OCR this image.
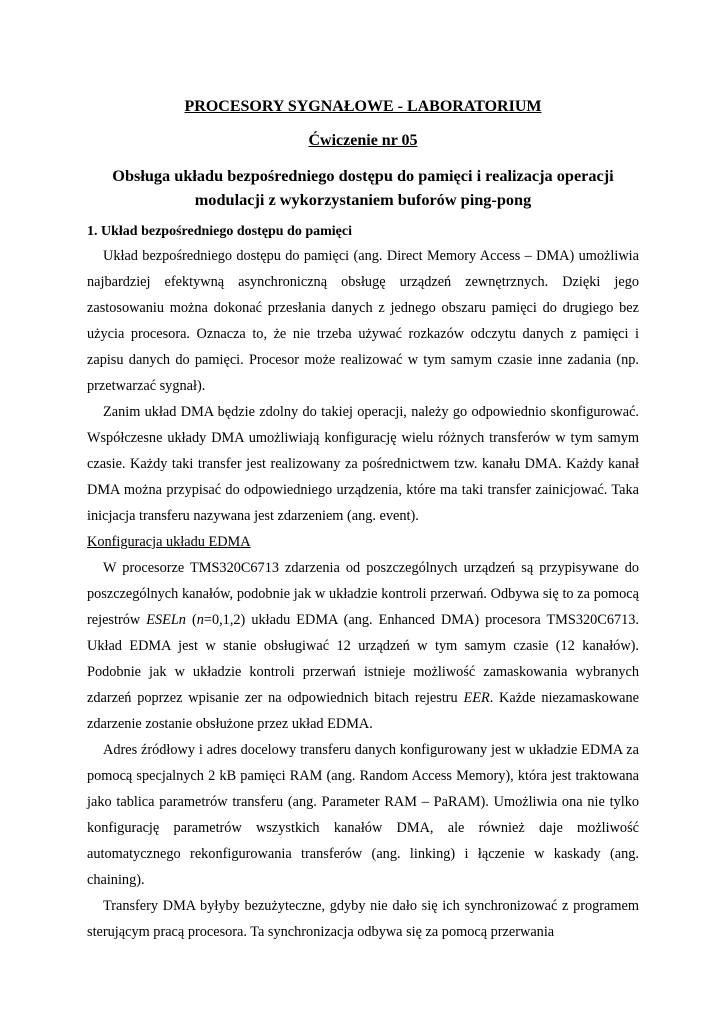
PROCESORY SYGNAŁOWE - LABORATORIUM
Ćwiczenie nr 05
Obsługa układu bezpośredniego dostępu do pamięci i realizacja operacji modulacji z wykorzystaniem buforów ping-pong
1. Układ bezpośredniego dostępu do pamięci

Układ bezpośredniego dostępu do pamięci (ang. Direct Memory Access – DMA) umożliwia najbardziej efektywną asynchroniczną obsługę urządzeń zewnętrznych. Dzięki jego zastosowaniu można dokonać przesłania danych z jednego obszaru pamięci do drugiego bez użycia procesora. Oznacza to, że nie trzeba używać rozkazów odczytu danych z pamięci i zapisu danych do pamięci. Procesor może realizować w tym samym czasie inne zadania (np. przetwarzać sygnał).

Zanim układ DMA będzie zdolny do takiej operacji, należy go odpowiednio skonfigurować. Współczesne układy DMA umożliwiają konfigurację wielu różnych transferów w tym samym czasie. Każdy taki transfer jest realizowany za pośrednictwem tzw. kanału DMA. Każdy kanał DMA można przypisać do odpowiedniego urządzenia, które ma taki transfer zainicjować. Taka inicjacja transferu nazywana jest zdarzeniem (ang. event).

Konfiguracja układu EDMA

W procesorze TMS320C6713 zdarzenia od poszczególnych urządzeń są przypisywane do poszczególnych kanałów, podobnie jak w układzie kontroli przerwań. Odbywa się to za pomocą rejestrów ESELn (n=0,1,2) układu EDMA (ang. Enhanced DMA) procesora TMS320C6713. Układ EDMA jest w stanie obsługiwać 12 urządzeń w tym samym czasie (12 kanałów). Podobnie jak w układzie kontroli przerwań istnieje możliwość zamaskowania wybranych zdarzeń poprzez wpisanie zer na odpowiednich bitach rejestru EER. Każde niezamaskowane zdarzenie zostanie obsłużone przez układ EDMA.

Adres źródłowy i adres docelowy transferu danych konfigurowany jest w układzie EDMA za pomocą specjalnych 2 kB pamięci RAM (ang. Random Access Memory), która jest traktowana jako tablica parametrów transferu (ang. Parameter RAM – PaRAM). Umożliwia ona nie tylko konfigurację parametrów wszystkich kanałów DMA, ale również daje możliwość automatycznego rekonfigurowania transferów (ang. linking) i łączenie w kaskady (ang. chaining).

Transfery DMA byłyby bezużyteczne, gdyby nie dało się ich synchronizować z programem sterującym pracą procesora. Ta synchronizacja odbywa się za pomocą przerwania
